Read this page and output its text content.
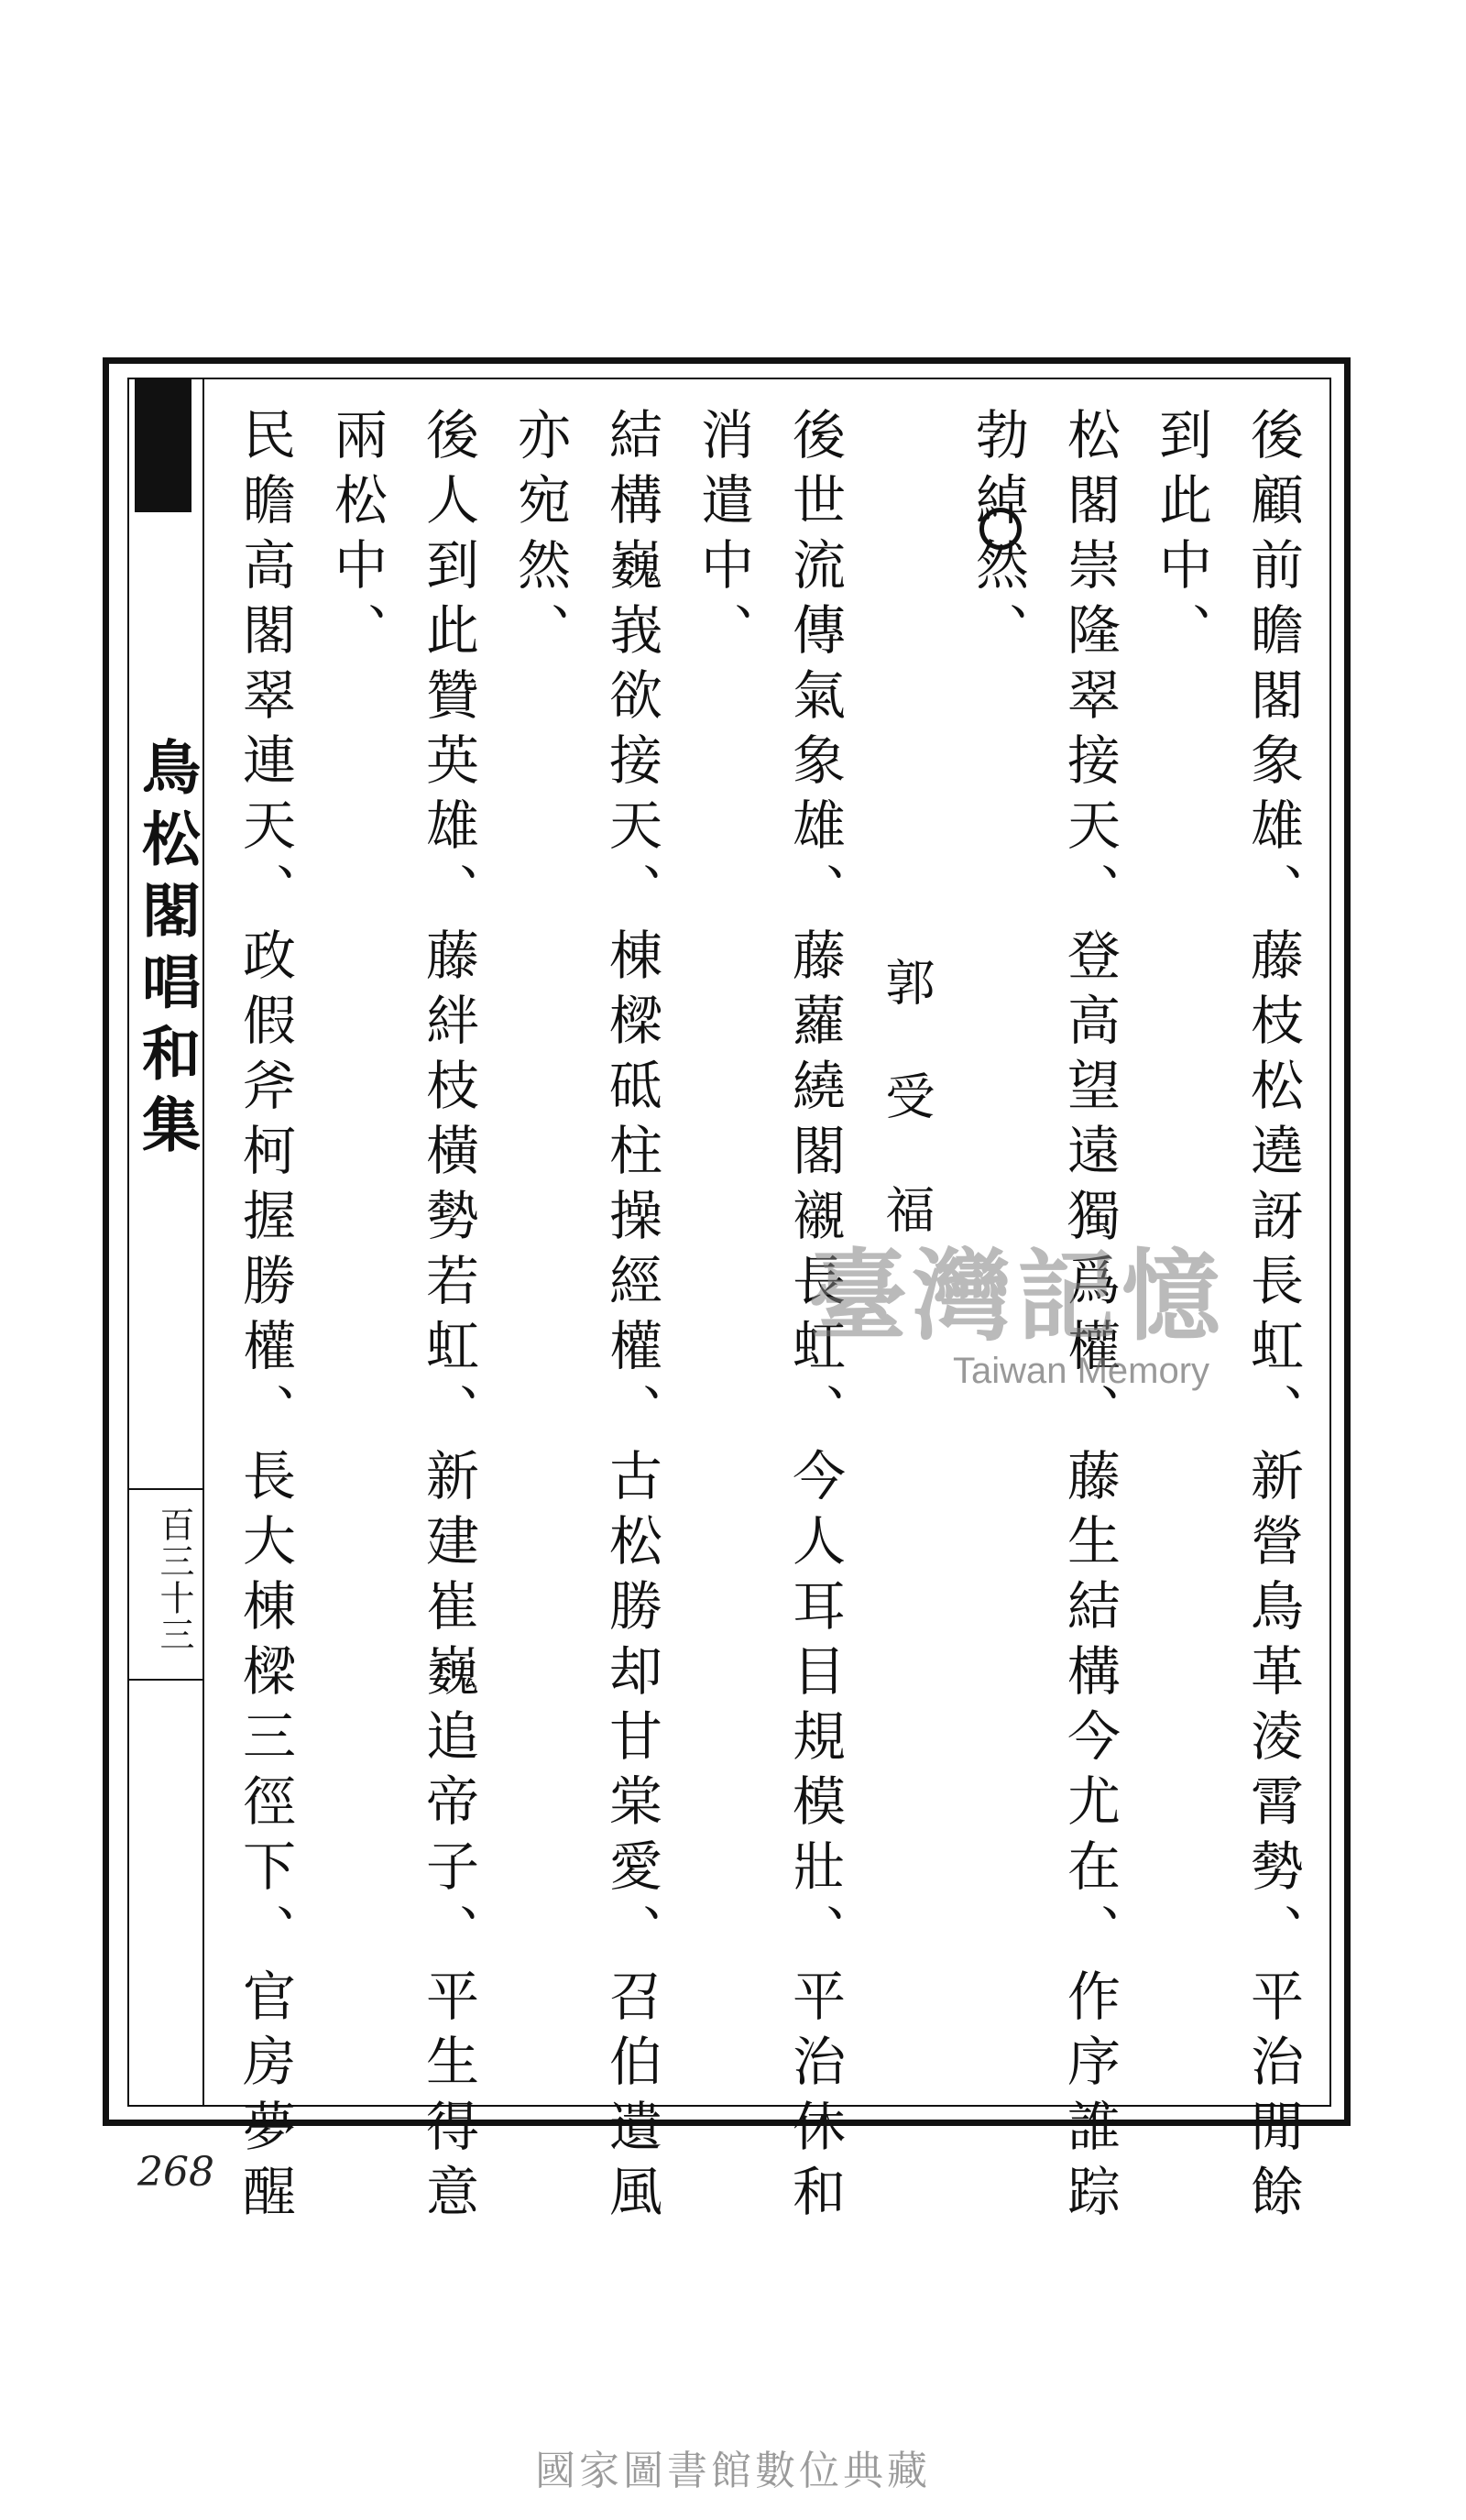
鳥松閣唱和集
百三十三	後顧前瞻閣象雄、藤枝松遶訝長虹、新營鳥革淩霄勢、平治閒餘
到此中、
松閣崇隆翠接天、登高望遠獨爲權、藤生結構今尤在、作序誰踪
勃綽然、
郭受福
後世流傳氣象雄、藤蘿繞閣襯長虹、今人耳目規模壯、平治休和
消遣中、
結構巍峩欲接天、棟樑砥柱操經權、古松勝却甘棠愛、召伯遺風
亦宛然、
後人到此贊英雄、藤絆枝橫勢若虹、新建崔巍追帝子、平生得意
兩松中、
民瞻高閣翠連天、政假斧柯握勝權、長大棟樑三徑下、官房夢醒	臺灣記憶
Taiwan Memory
268
國家圖書館數位典藏
